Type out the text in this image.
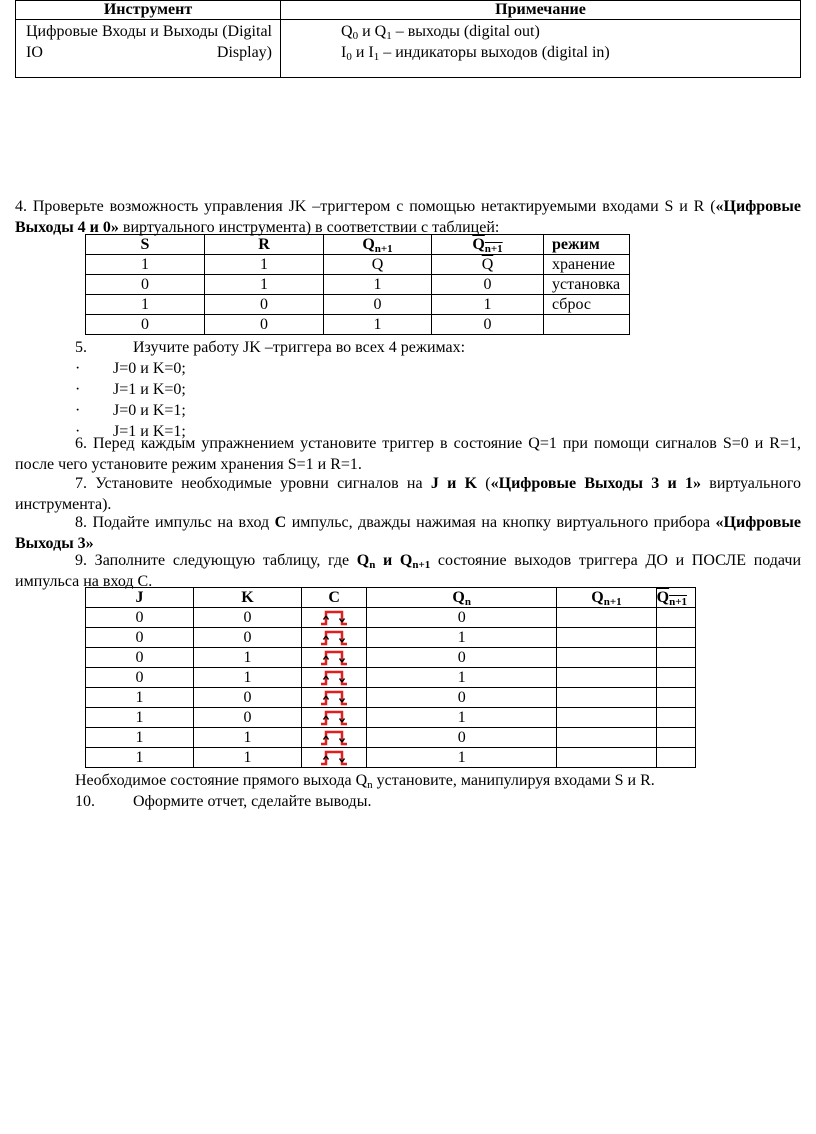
Инструмент	Примечание

Цифровые Входы и Выходы (Digital IO Display)	$Q_0$ и $Q_1$ – выходы (digital out)
$I_0$ и $I_1$ – индикаторы выходов (digital in)
4. Проверьте возможность управления JK –тригтером с помощью нетактируемыми входами S и R («Цифровые Выходы 4 и 0» виртуального инструмента) в соответствии с таблицей:
S	R	$Q_{n+1}$	$\overline{Q}_{n+1}$	режим
1	1	Q	$\overline{Q}$	хранение
0	1	1	0	установка
1	0	0	1	сброс
0	0	1	0	
5.	Изучите работу JK –триггера во всех 4 режимах:
· J=0 и K=0;
· J=1 и K=0;
· J=0 и K=1;
· J=1 и K=1;
6. Перед каждым упражнением установите триггер в состояние Q=1 при помощи сигналов S=0 и R=1, после чего установите режим хранения S=1 и R=1.
7. Установите необходимые уровни сигналов на J и K («Цифровые Выходы 3 и 1» виртуального инструмента).
8. Подайте импульс на вход С импульс, дважды нажимая на кнопку виртуального прибора «Цифровые Выходы 3»
9. Заполните следующую таблицу, где $Q_n$ и $Q_{n+1}$ состояние выходов триггера ДО и ПОСЛЕ подачи импульса на вход С.
J	K	C	$Q_n$	$Q_{n+1}$	$\overline{Q}_{n+1}$
0	0		0		
0	0		1		
0	1		0		
0	1		1		
1	0		0		
1	0		1		
1	1		0		
1	1		1		
Необходимое состояние прямого выхода $Q_n$ установите, манипулируя входами S и R.
10. Оформите отчет, сделайте выводы.
